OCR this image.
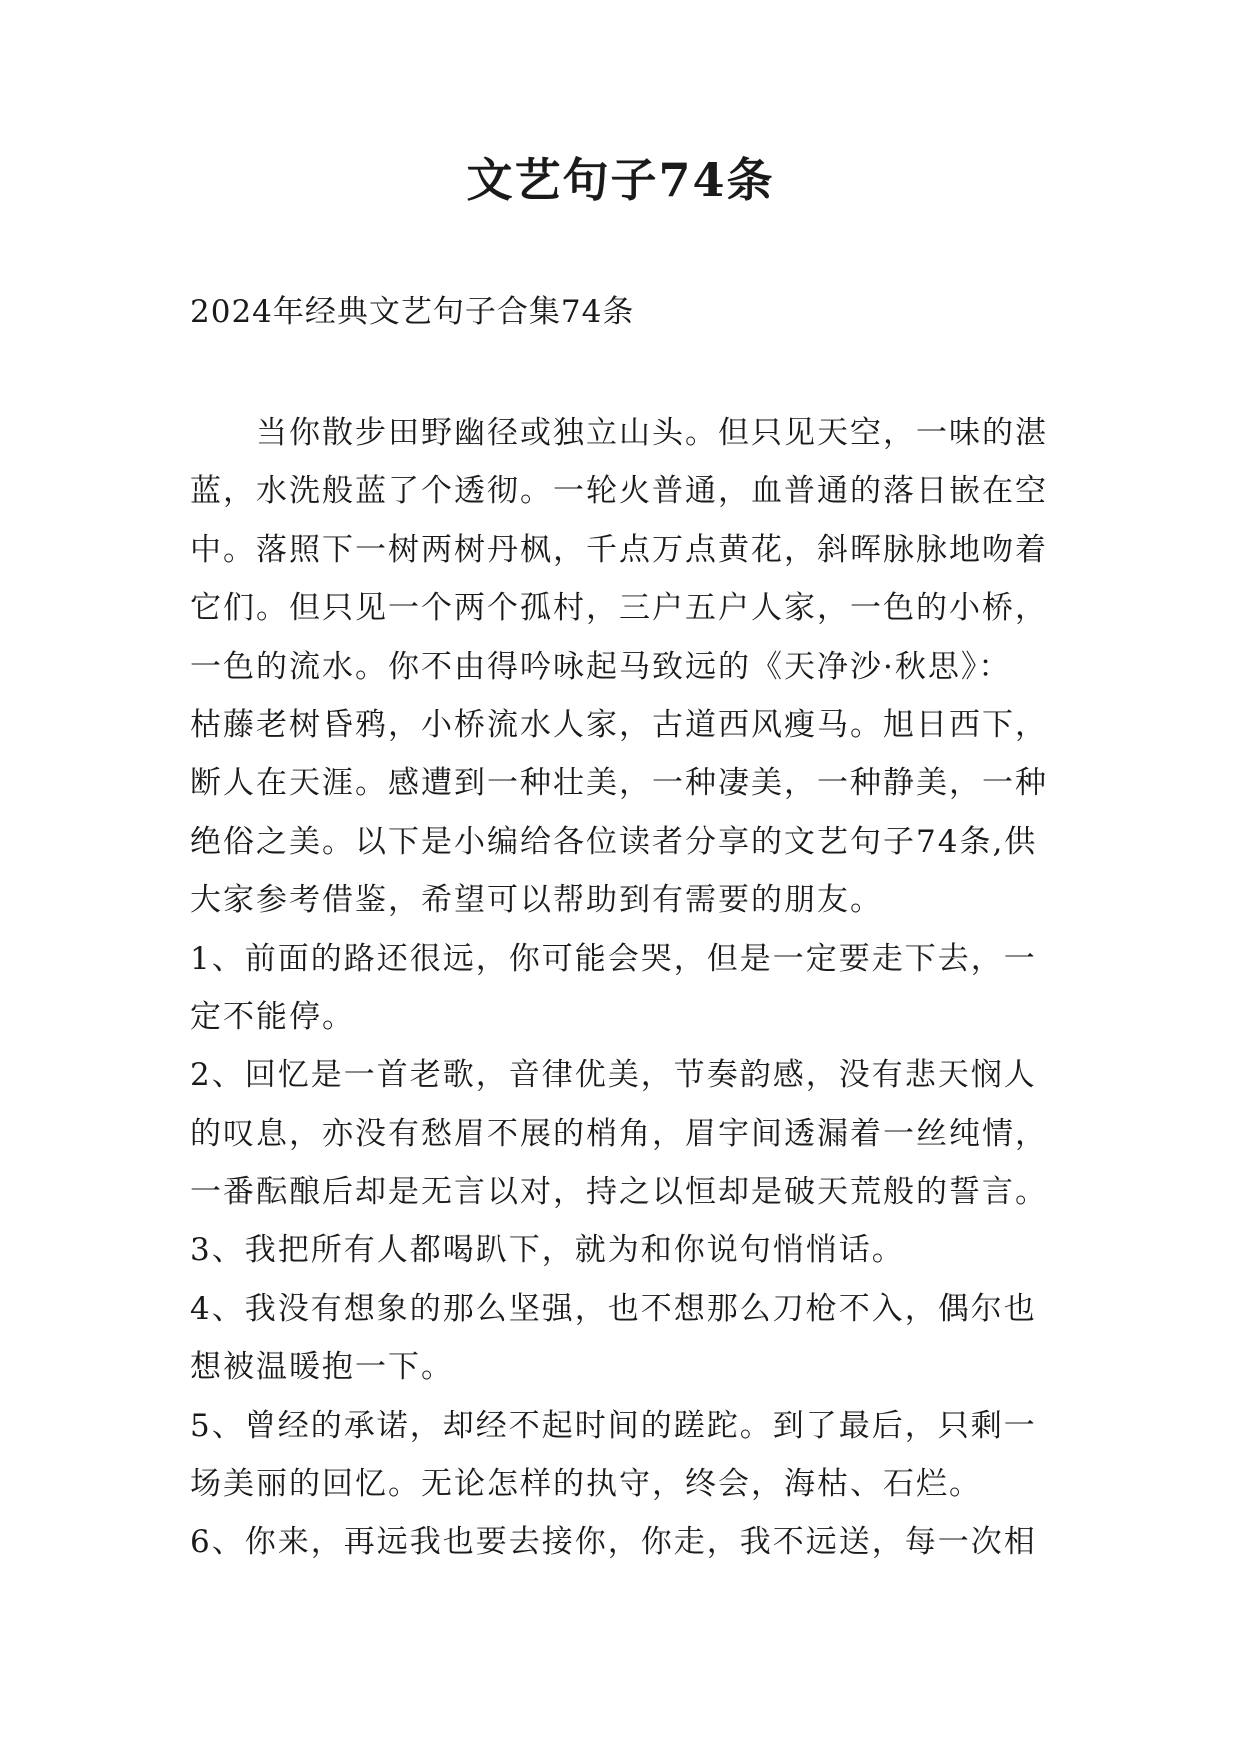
文艺句子74条
2024年经典文艺句子合集74条
当你散步田野幽径或独立山头。但只见天空，一味的湛
蓝，水洗般蓝了个透彻。一轮火普通，血普通的落日嵌在空
中。落照下一树两树丹枫，千点万点黄花，斜晖脉脉地吻着
它们。但只见一个两个孤村，三户五户人家，一色的小桥，
一色的流水。你不由得吟咏起马致远的《天净沙·秋思》：
枯藤老树昏鸦，小桥流水人家，古道西风瘦马。旭日西下，
断人在天涯。感遭到一种壮美，一种凄美，一种静美，一种
绝俗之美。以下是小编给各位读者分享的文艺句子74条,供
大家参考借鉴，希望可以帮助到有需要的朋友。
1、前面的路还很远，你可能会哭，但是一定要走下去，一
定不能停。
2、回忆是一首老歌，音律优美，节奏韵感，没有悲天悯人
的叹息，亦没有愁眉不展的梢角，眉宇间透漏着一丝纯情，
一番酝酿后却是无言以对，持之以恒却是破天荒般的誓言。
3、我把所有人都喝趴下，就为和你说句悄悄话。
4、我没有想象的那么坚强，也不想那么刀枪不入，偶尔也
想被温暖抱一下。
5、曾经的承诺，却经不起时间的蹉跎。到了最后，只剩一
场美丽的回忆。无论怎样的执守，终会，海枯、石烂。
6、你来，再远我也要去接你，你走，我不远送，每一次相
